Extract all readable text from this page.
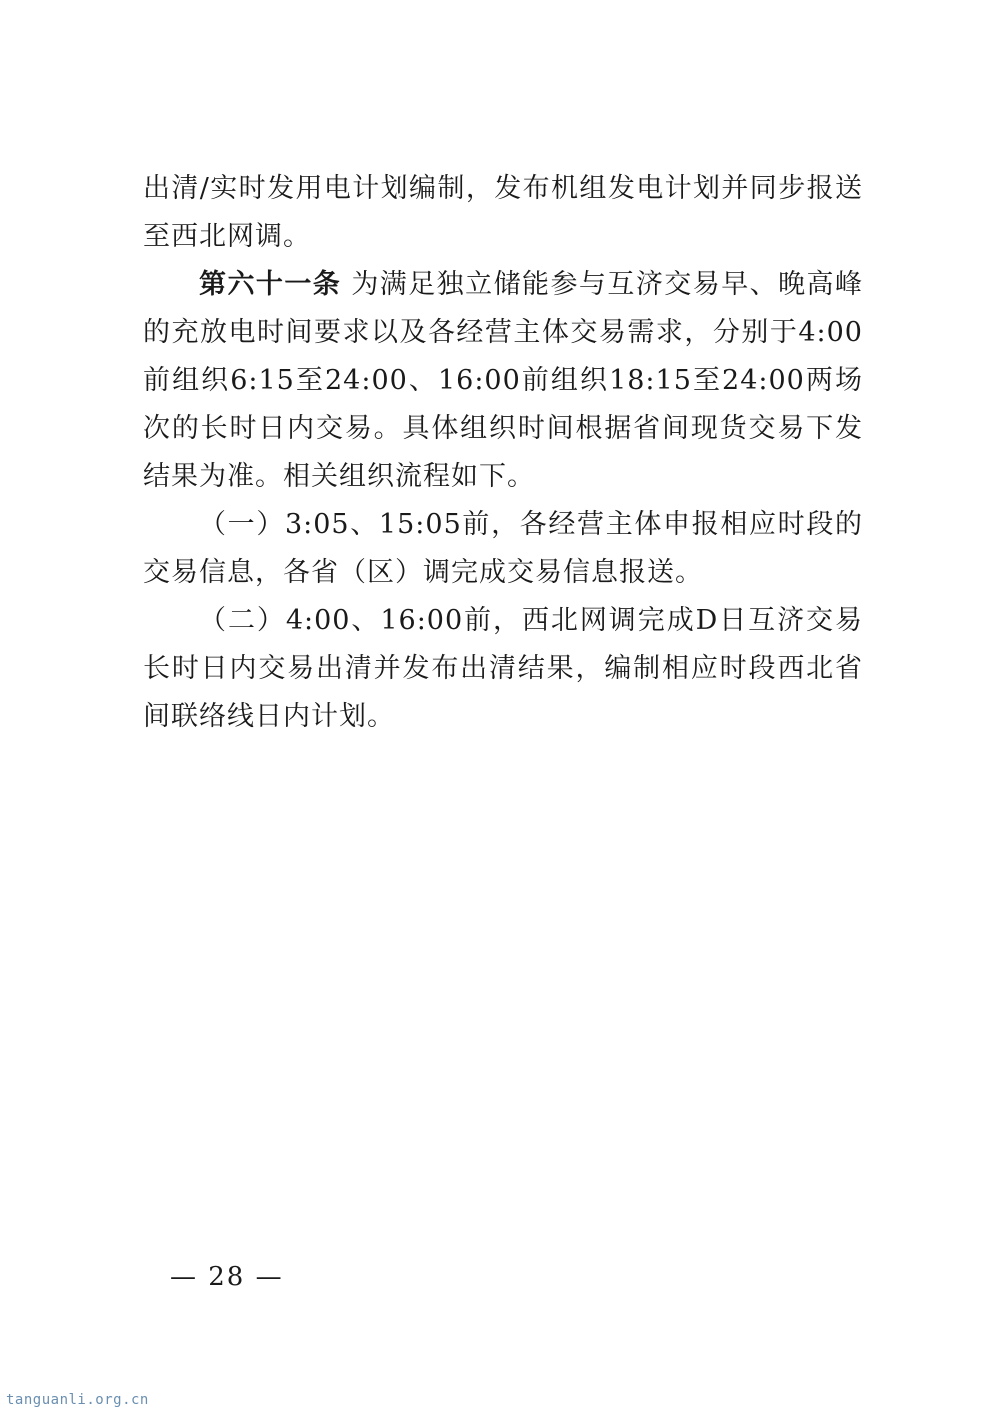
出清/实时发用电计划编制，发布机组发电计划并同步报送至西北网调。

第六十一条 为满足独立储能参与互济交易早、晚高峰的充放电时间要求以及各经营主体交易需求，分别于4:00前组织6:15至24:00、16:00前组织18:15至24:00两场次的长时日内交易。具体组织时间根据省间现货交易下发结果为准。相关组织流程如下。

（一）3:05、15:05前，各经营主体申报相应时段的交易信息，各省（区）调完成交易信息报送。

（二）4:00、16:00前，西北网调完成D日互济交易长时日内交易出清并发布出清结果，编制相应时段西北省间联络线日内计划。

— 28 —
tanguanli.org.cn
